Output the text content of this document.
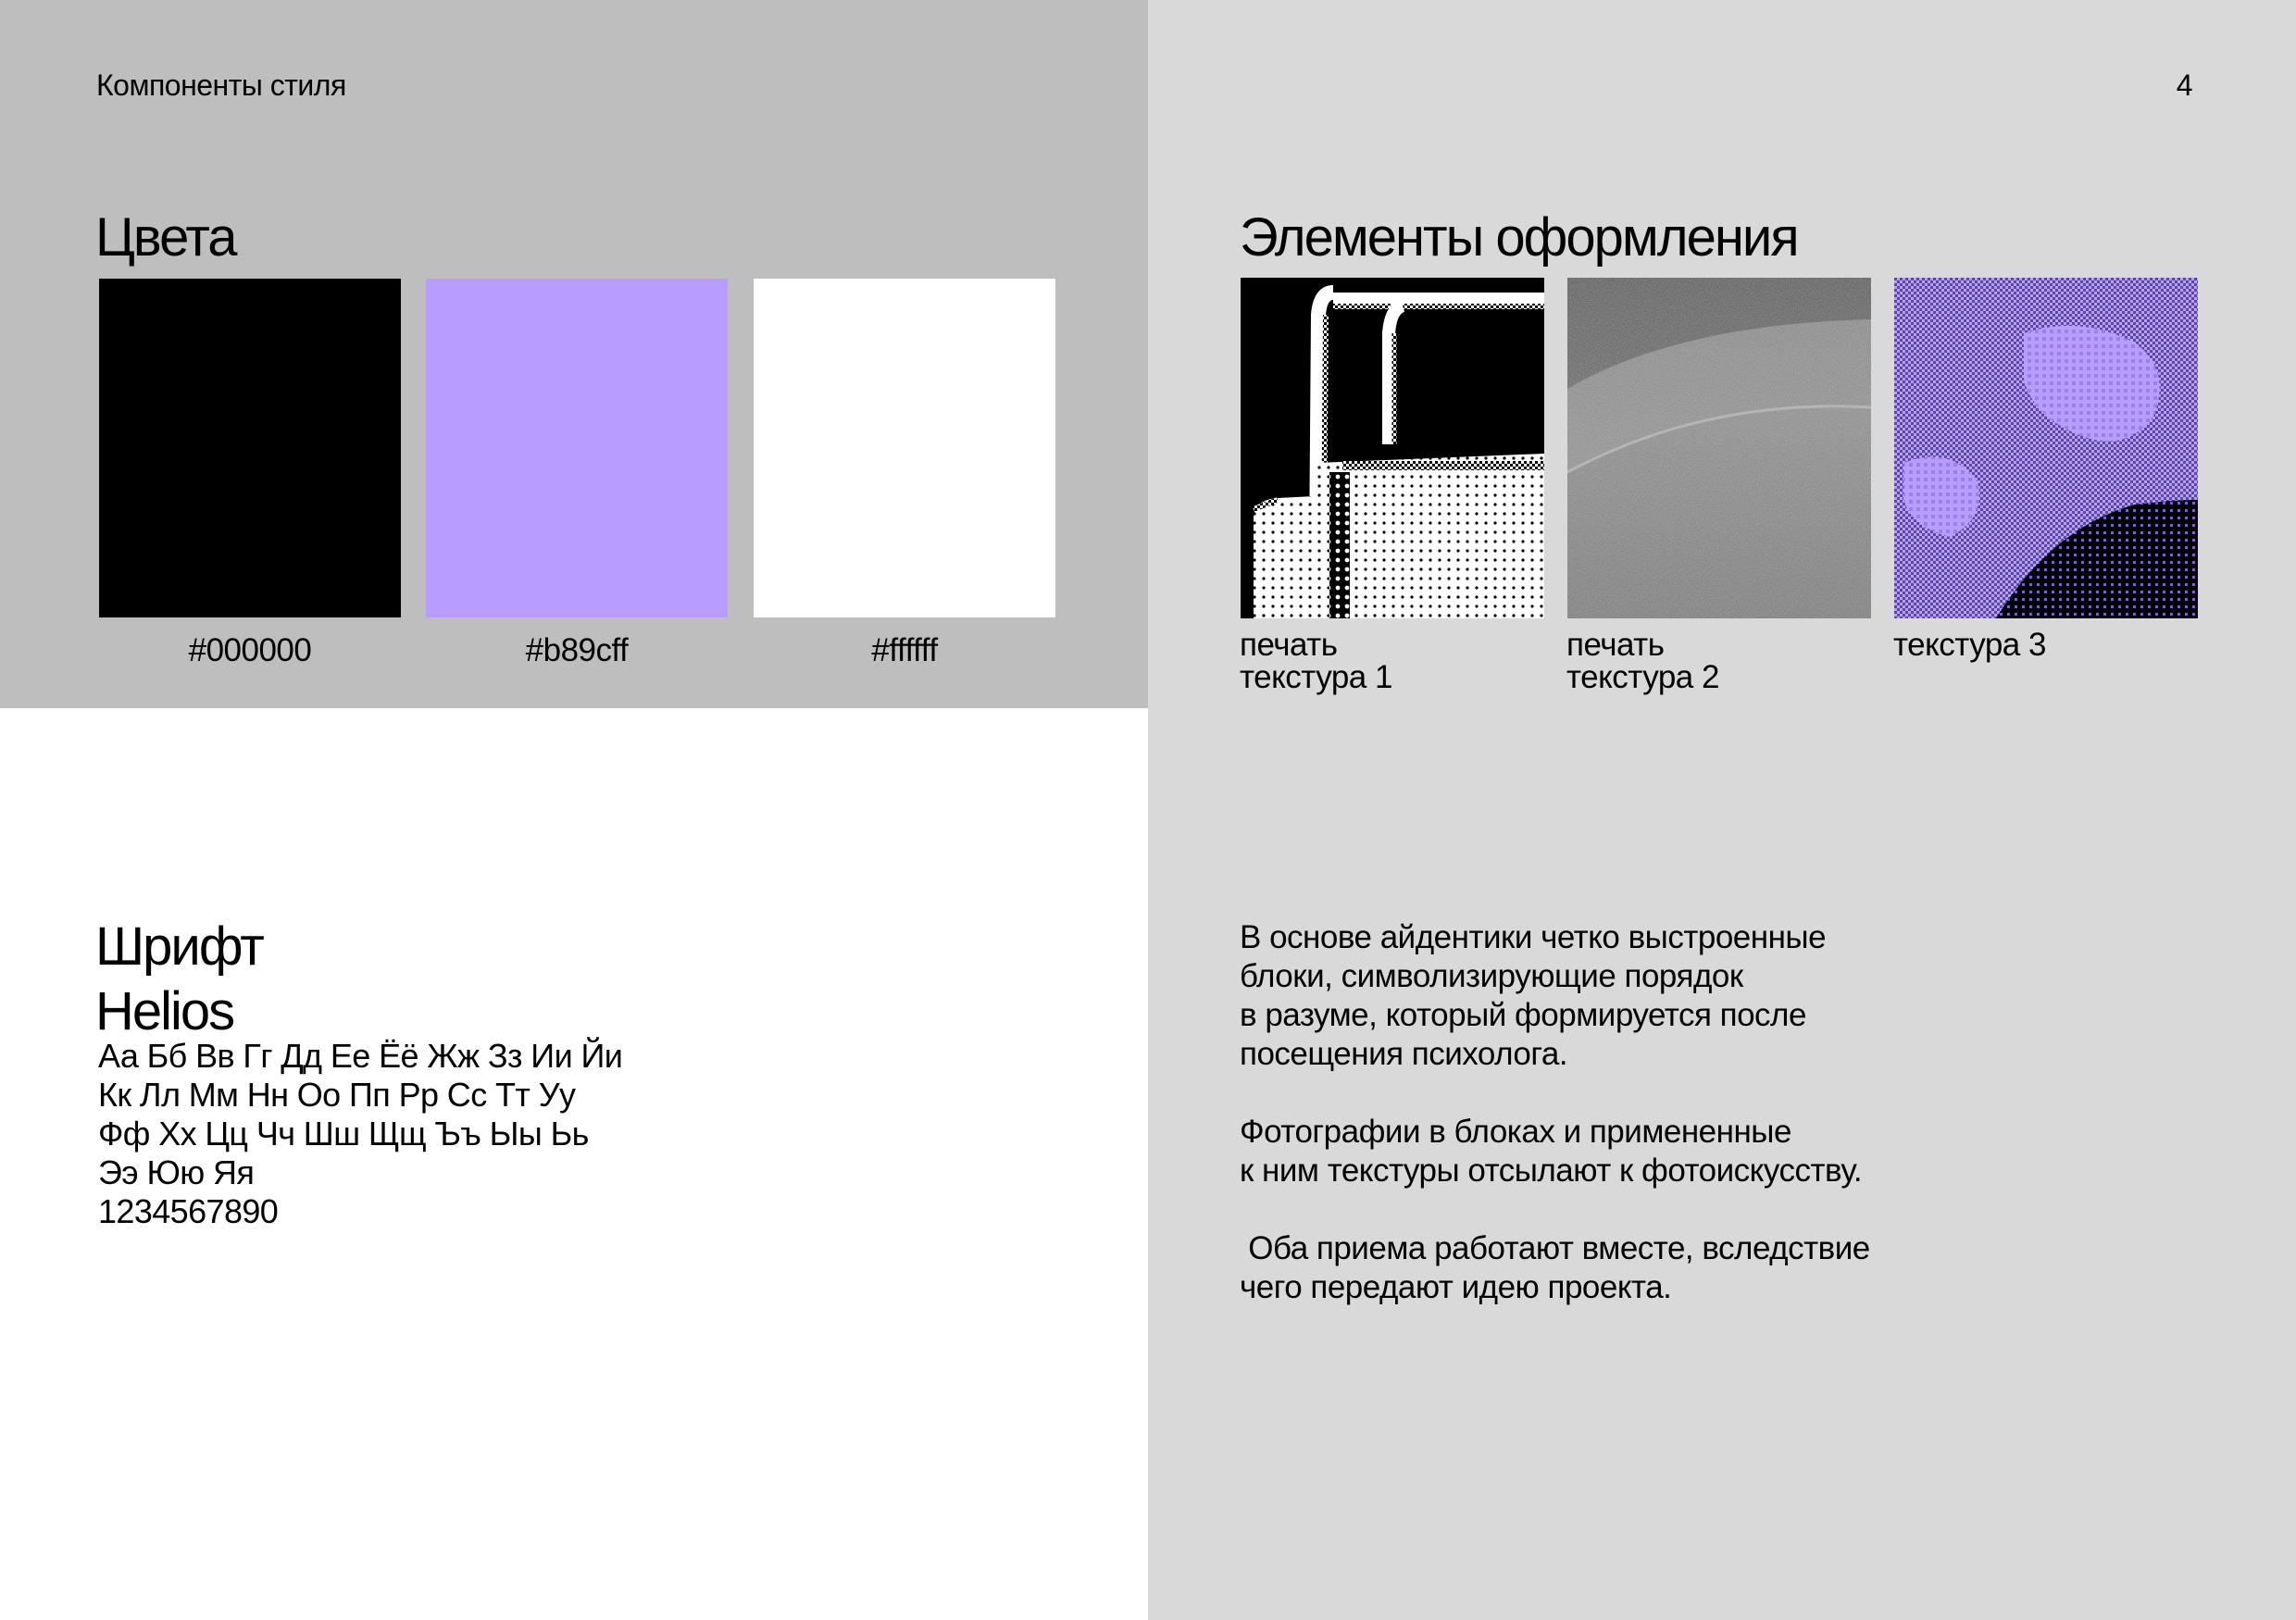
Компоненты стиля	4
Цвета
#000000	#b89cff	#ffffff
Элементы оформления
печать
текстура 1
печать
текстура 2
текстура 3
Шрифт
Helios
Аа Бб Вв Гг Дд Ее Ёё Жж Зз Ии Йи
Кк Лл Мм Нн Оо Пп Рр Сс Тт Уу
Фф Хх Цц Чч Шш Щщ Ъъ Ыы Ьь
Ээ Юю Яя
1234567890

В основе айдентики четко выстроенные
блоки, символизирующие порядок
в разуме, который формируется после
посещения психолога.

Фотографии в блоках и примененные
к ним текстуры отсылают к фотоискусству.

Оба приема работают вместе, вследствие
чего передают идею проекта.
